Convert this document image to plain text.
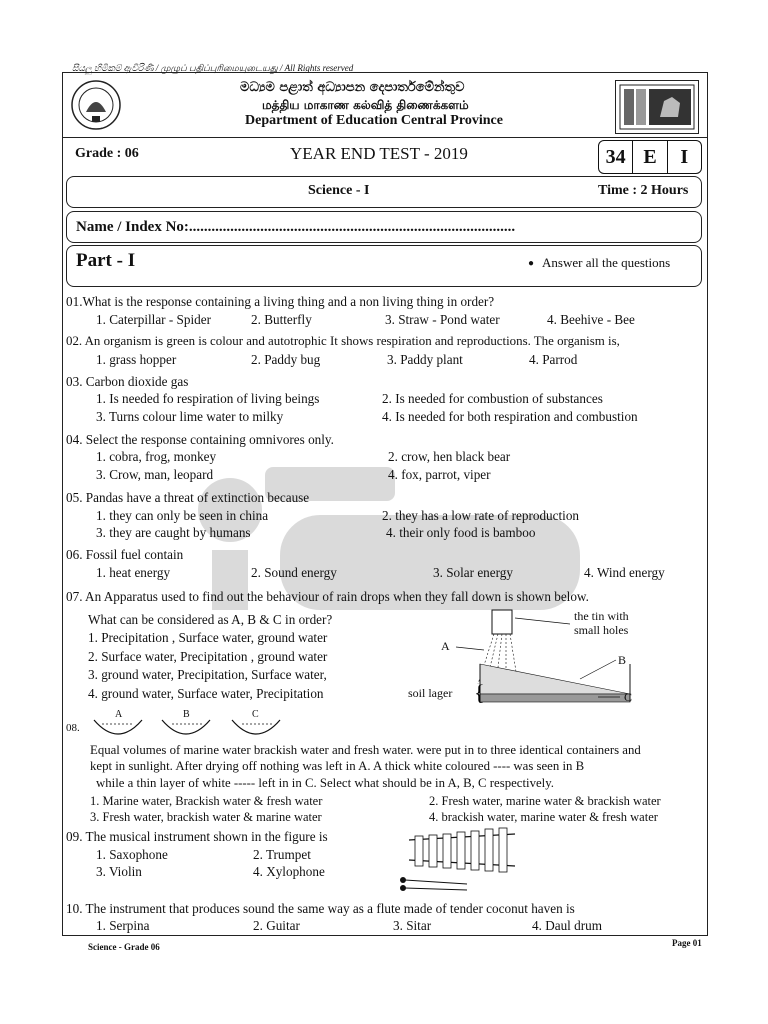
සියලු හිමිකම් ඇවිරිණි / முழுப் பதிப்புரிமையுடையது / All Rights reserved
මධ්‍යම පළාත් අධ්‍යාපන දෙපාර්තමේන්තුව
மத்திய மாகாண கல்வித் திணைக்களம்
Department of Education Central Province
Grade : 06	YEAR END TEST - 2019	34 E	I
Science - I	Time : 2 Hours
Name / Index No:.......................................................................................
Part - I
●	Answer all the questions
01.What is the response containing a living thing and a non living thing in order?
1. Caterpillar - Spider	2. Butterfly	3. Straw - Pond water	4. Beehive - Bee
02. An organism is green is colour and autotrophic It shows respiration and reproductions. The organism is,
1. grass hopper	2. Paddy bug	3. Paddy plant	4. Parrod
03. Carbon dioxide gas
1. Is needed fo respiration of living beings	2. Is needed for combustion of substances
3. Turns colour lime water to milky	4. Is needed for both respiration and combustion
04. Select the response containing omnivores only.
1. cobra, frog, monkey	2. crow, hen black bear
3. Crow, man, leopard	4. fox, parrot, viper
05. Pandas have a threat of extinction because
1. they can only be seen in china	2. they has a low rate of reproduction
3. they are caught by humans	4. their only food is bamboo
06. Fossil fuel contain
1. heat energy	2. Sound energy	3. Solar energy	4. Wind energy
07. An Apparatus used to find out the behaviour of rain drops when they fall down is shown below.
What can be considered as A, B & C in order?
1. Precipitation , Surface water, ground water
2. Surface water, Precipitation , ground water
3. ground water, Precipitation, Surface water,
4. ground water, Surface water, Precipitation	{
the tin with
small holes
A
B
C
soil lager
08.
A	B	C
Equal volumes of marine water brackish water and fresh water. were put in to three identical containers and
kept in sunlight. After drying off nothing was left in A. A thick white coloured ---- was seen in B
while a thin layer of white ----- left in in C. Select what should be in A, B, C respectively.
1. Marine water, Brackish water & fresh water	2. Fresh water, marine water & brackish water
3. Fresh water, brackish water & marine water	4. brackish water, marine water & fresh water
09. The musical instrument shown in the figure is
1. Saxophone	2. Trumpet
3. Violin	4. Xylophone
10. The instrument that produces sound the same way as a flute made of tender coconut haven is
1. Serpina	2. Guitar	3. Sitar	4. Daul drum
Science - Grade 06	Page 01
